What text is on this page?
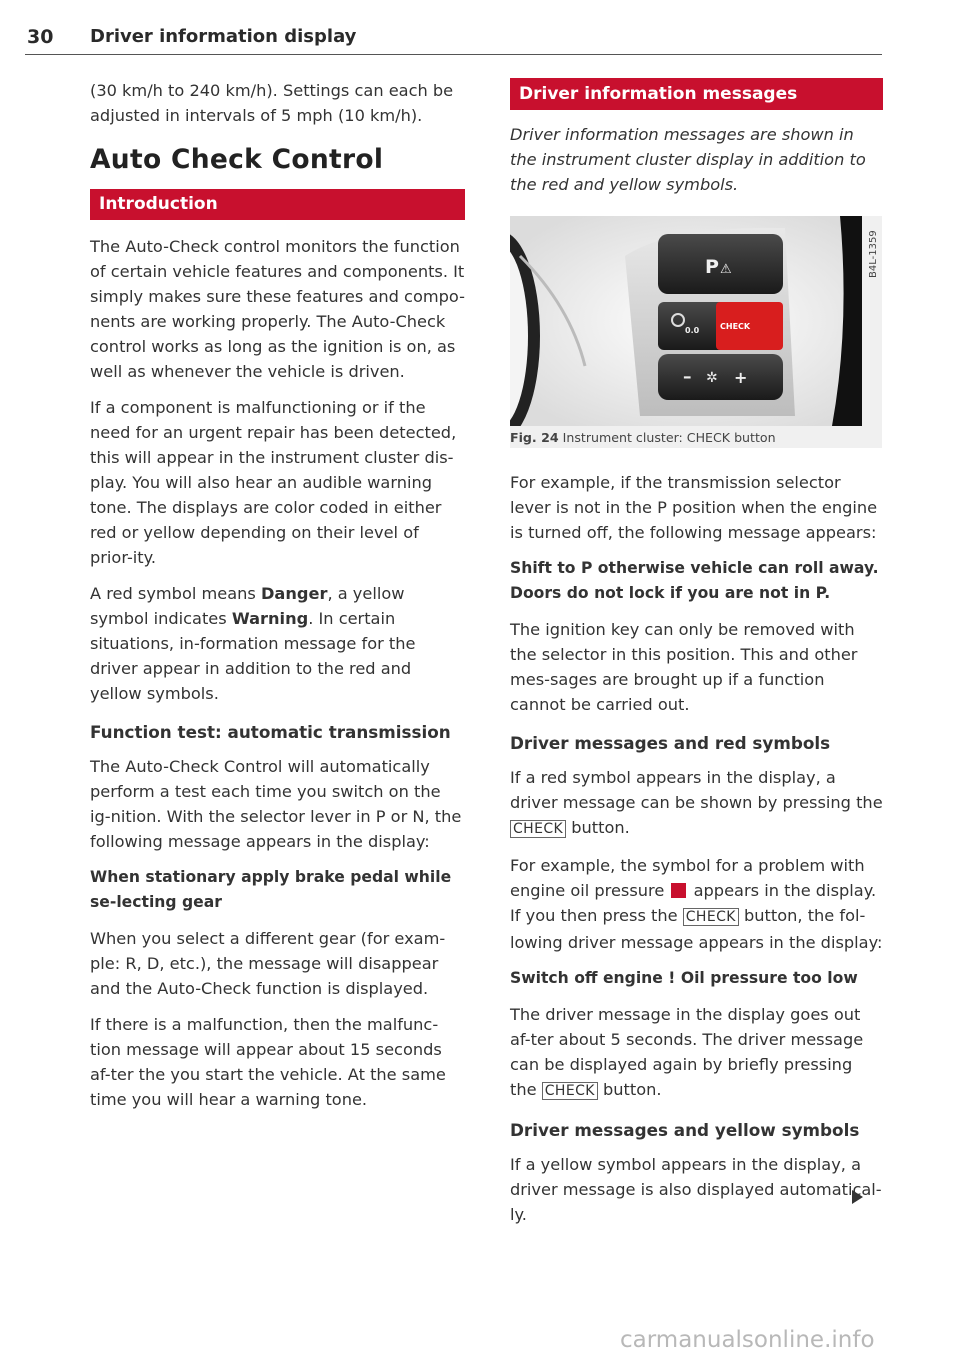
30 Driver information display

(30 km/h to 240 km/h). Settings can each be adjusted in intervals of 5 mph (10 km/h).

Auto Check Control
Introduction

The Auto-Check control monitors the function of certain vehicle features and components. It simply makes sure these features and compo-nents are working properly. The Auto-Check control works as long as the ignition is on, as well as whenever the vehicle is driven.

If a component is malfunctioning or if the need for an urgent repair has been detected, this will appear in the instrument cluster dis-play. You will also hear an audible warning tone. The displays are color coded in either red or yellow depending on their level of prior-ity.

A red symbol means Danger, a yellow symbol indicates Warning. In certain situations, in-formation message for the driver appear in addition to the red and yellow symbols.

Function test: automatic transmission

The Auto-Check Control will automatically perform a test each time you switch on the ig-nition. With the selector lever in P or N, the following message appears in the display:

When stationary apply brake pedal while se-lecting gear

When you select a different gear (for exam-ple: R, D, etc.), the message will disappear and the Auto-Check function is displayed.

If there is a malfunction, then the malfunc-tion message will appear about 15 seconds af-ter the you start the vehicle. At the same time you will hear a warning tone.

Driver information messages

Driver information messages are shown in the instrument cluster display in addition to the red and yellow symbols.

P ⚠
CHECK
0.0
– ✲ +
B4L-1359
Fig. 24 Instrument cluster: CHECK button

For example, if the transmission selector lever is not in the P position when the engine is turned off, the following message appears:

Shift to P otherwise vehicle can roll away.
Doors do not lock if you are not in P.

The ignition key can only be removed with the selector in this position. This and other mes-sages are brought up if a function cannot be carried out.

Driver messages and red symbols

If a red symbol appears in the display, a driver message can be shown by pressing the CHECK button.

For example, the symbol for a problem with engine oil pressure  appears in the display. If you then press the CHECK button, the fol-lowing driver message appears in the display:

Switch off engine ! Oil pressure too low

The driver message in the display goes out af-ter about 5 seconds. The driver message can be displayed again by briefly pressing the CHECK button.

Driver messages and yellow symbols

If a yellow symbol appears in the display, a driver message is also displayed automatical-ly.

carmanualsonline.info
